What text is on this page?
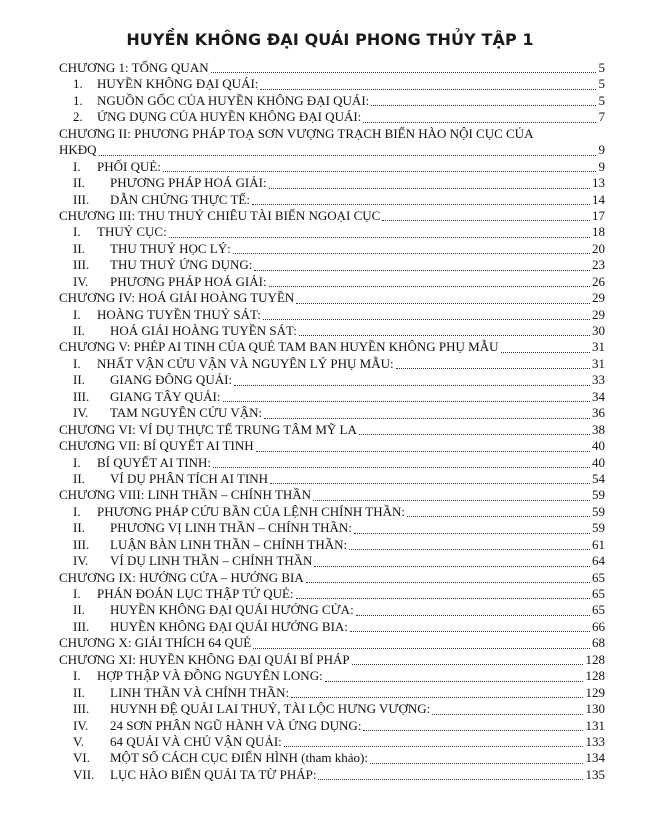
HUYỀN KHÔNG ĐẠI QUÁI PHONG THỦY TẬP 1
CHƯƠNG 1: TỔNG QUAN	5
1. HUYỀN KHÔNG ĐẠI QUÁI:	5
1. NGUỒN GỐC CỦA HUYỀN KHÔNG ĐẠI QUÁI:	5
2. ỨNG DỤNG CỦA HUYỀN KHÔNG ĐẠI QUÁI:	7
CHƯƠNG II: PHƯƠNG PHÁP TOẠ SƠN VƯỢNG TRẠCH BIẾN HÀO NỘI CỤC CỦA
HKĐQ	9
I. PHỐI QUẺ:	9
II. PHƯƠNG PHÁP HOÁ GIẢI:	13
III. DẪN CHỨNG THỰC TẾ:	14
CHƯƠNG III: THU THUỶ CHIÊU TÀI BIẾN NGOẠI CỤC	17
I. THUỶ CỤC:	18
II. THU THUỶ HỌC LÝ:	20
III. THU THUỶ ỨNG DỤNG:	23
IV. PHƯƠNG PHÁP HOÁ GIẢI:	26
CHƯƠNG IV: HOÁ GIẢI HOÀNG TUYỀN	29
I. HOÀNG TUYỀN THUỶ SÁT:	29
II. HOÁ GIẢI HOÀNG TUYỀN SÁT:	30
CHƯƠNG V: PHÉP AI TINH CỦA QUẺ TAM BAN HUYỀN KHÔNG PHỤ MẪU	31
I. NHẤT VẬN CỬU VẬN VÀ NGUYÊN LÝ PHỤ MẪU:	31
II. GIANG ĐÔNG QUẢI:	33
III. GIANG TÂY QUẢI:	34
IV. TAM NGUYÊN CỬU VẬN:	36
CHƯƠNG VI: VÍ DỤ THỰC TẾ TRUNG TÂM MỸ LA	38
CHƯƠNG VII: BÍ QUYẾT AI TINH	40
I. BÍ QUYẾT AI TINH:	40
II. VÍ DỤ PHÂN TÍCH AI TINH	54
CHƯƠNG VIII: LINH THẦN – CHÍNH THẦN	59
I. PHƯƠNG PHÁP CỨU BẦN CỦA LỆNH CHÍNH THẦN:	59
II. PHƯƠNG VỊ LINH THẦN – CHÍNH THẦN:	59
III. LUẬN BÀN LINH THẦN – CHÍNH THẦN:	61
IV. VÍ DỤ LINH THẦN – CHÍNH THẦN	64
CHƯƠNG IX: HƯỚNG CỬA – HƯỚNG BIA	65
I. PHÁN ĐOÁN LỤC THẬP TỨ QUẺ:	65
II. HUYỀN KHÔNG ĐẠI QUÁI HƯỚNG CỬA:	65
III. HUYỀN KHÔNG ĐẠI QUÁI HƯỚNG BIA:	66
CHƯƠNG X: GIẢI THÍCH 64 QUẺ	68
CHƯƠNG XI: HUYỀN KHÔNG ĐẠI QUÁI BÍ PHÁP	128
I. HỢP THẬP VÀ ĐỒNG NGUYÊN LONG:	128
II. LINH THẦN VÀ CHÍNH THẦN:	129
III. HUYNH ĐỆ QUẢI LAI THUỶ, TÀI LỘC HƯNG VƯỢNG:	130
IV. 24 SƠN PHÂN NGŨ HÀNH VÀ ỨNG DỤNG:	131
V. 64 QUẢI VÀ CHỦ VẬN QUẢI:	133
VI. MỘT SỐ CÁCH CỤC ĐIỂN HÌNH (tham khảo):	134
VII. LỤC HÀO BIẾN QUẢI TA TỪ PHÁP:	135
